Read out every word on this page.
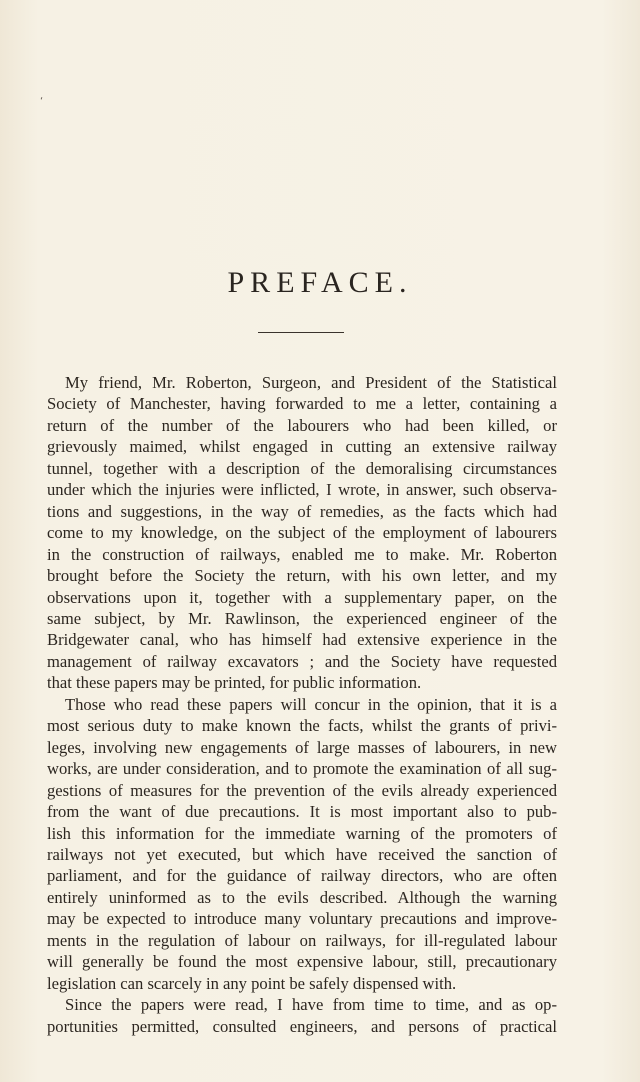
‘
PREFACE.

My friend, Mr. Roberton, Surgeon, and President of the Statistical
Society of Manchester, having forwarded to me a letter, containing a
return of the number of the labourers who had been killed, or
grievously maimed, whilst engaged in cutting an extensive railway
tunnel, together with a description of the demoralising circumstances
under which the injuries were inflicted, I wrote, in answer, such observa-
tions and suggestions, in the way of remedies, as the facts which had
come to my knowledge, on the subject of the employment of labourers
in the construction of railways, enabled me to make. Mr. Roberton
brought before the Society the return, with his own letter, and my
observations upon it, together with a supplementary paper, on the
same subject, by Mr. Rawlinson, the experienced engineer of the
Bridgewater canal, who has himself had extensive experience in the
management of railway excavators ; and the Society have requested
that these papers may be printed, for public information.

Those who read these papers will concur in the opinion, that it is a
most serious duty to make known the facts, whilst the grants of privi-
leges, involving new engagements of large masses of labourers, in new
works, are under consideration, and to promote the examination of all sug-
gestions of measures for the prevention of the evils already experienced
from the want of due precautions. It is most important also to pub-
lish this information for the immediate warning of the promoters of
railways not yet executed, but which have received the sanction of
parliament, and for the guidance of railway directors, who are often
entirely uninformed as to the evils described. Although the warning
may be expected to introduce many voluntary precautions and improve-
ments in the regulation of labour on railways, for ill-regulated labour
will generally be found the most expensive labour, still, precautionary
legislation can scarcely in any point be safely dispensed with.

Since the papers were read, I have from time to time, and as op-
portunities permitted, consulted engineers, and persons of practical
